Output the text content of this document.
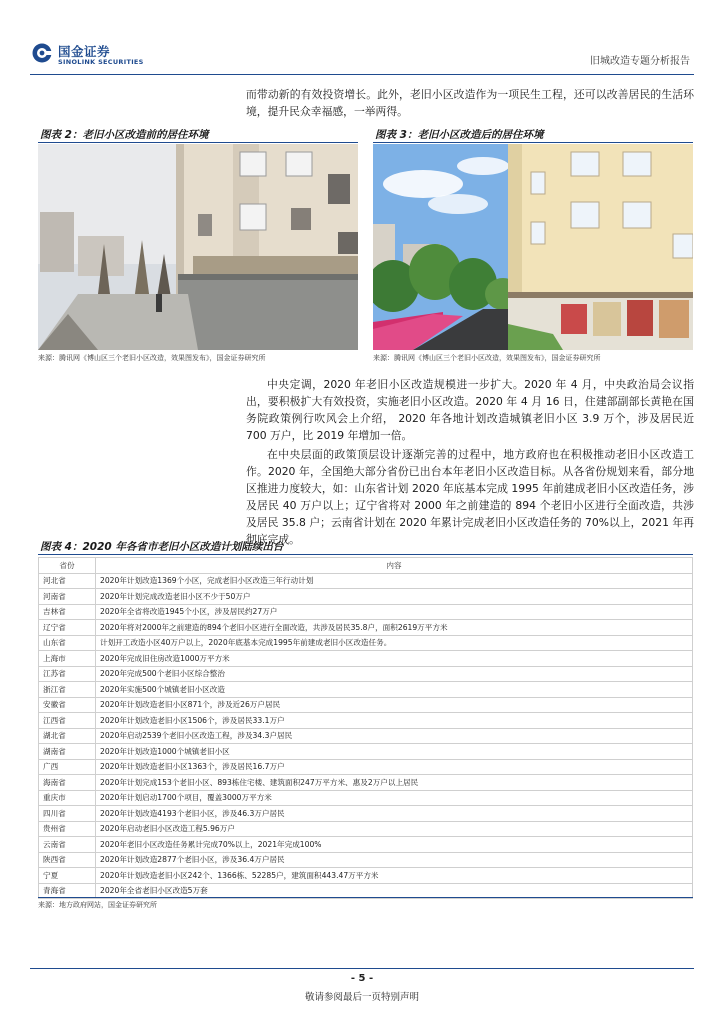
国金证券
SINOLINK SECURITIES	旧城改造专题分析报告
而带动新的有效投资增长。此外，老旧小区改造作为一项民生工程，还可以改善居民的生活环境，提升民众幸福感，一举两得。
图表 2：老旧小区改造前的居住环境
来源：腾讯网《博山区三个老旧小区改造，效果图发布》，国金证券研究所
图表 3：老旧小区改造后的居住环境
来源：腾讯网《博山区三个老旧小区改造，效果图发布》，国金证券研究所
中央定调，2020 年老旧小区改造规模进一步扩大。2020 年 4 月，中央政治局会议指出，要积极扩大有效投资，实施老旧小区改造。2020 年 4 月 16 日，住建部副部长黄艳在国务院政策例行吹风会上介绍， 2020 年各地计划改造城镇老旧小区 3.9 万个，涉及居民近 700 万户，比 2019 年增加一倍。
在中央层面的政策顶层设计逐渐完善的过程中，地方政府也在积极推动老旧小区改造工作。2020 年，全国绝大部分省份已出台本年老旧小区改造目标。从各省份规划来看，部分地区推进力度较大，如：山东省计划 2020 年底基本完成 1995 年前建成老旧小区改造任务，涉及居民 40 万户以上；辽宁省将对 2000 年之前建造的 894 个老旧小区进行全面改造，共涉及居民 35.8 户；云南省计划在 2020 年累计完成老旧小区改造任务的 70%以上，2021 年再彻底完成。
图表 4：2020 年各省市老旧小区改造计划陆续出台
省份	内容
河北省	2020年计划改造1369个小区，完成老旧小区改造三年行动计划
河南省	2020年计划完成改造老旧小区不少于50万户
吉林省	2020年全省将改造1945个小区，涉及居民约27万户
辽宁省	2020年将对2000年之前建造的894个老旧小区进行全面改造，共涉及居民35.8户，面积2619万平方米
山东省	计划开工改造小区40万户以上，2020年底基本完成1995年前建成老旧小区改造任务。
上海市	2020年完成旧住房改造1000万平方米
江苏省	2020年完成500个老旧小区综合整治
浙江省	2020年实施500个城镇老旧小区改造
安徽省	2020年计划改造老旧小区871个，涉及近26万户居民
江西省	2020年计划改造老旧小区1506个，涉及居民33.1万户
湖北省	2020年启动2539个老旧小区改造工程，涉及34.3户居民
湖南省	2020年计划改造1000个城镇老旧小区
广西	2020年计划改造老旧小区1363个，涉及居民16.7万户
海南省	2020年计划完成153个老旧小区、893栋住宅楼、建筑面积247万平方米、惠及2万户以上居民
重庆市	2020年计划启动1700个项目，覆盖3000万平方米
四川省	2020年计划改造4193个老旧小区，涉及46.3万户居民
贵州省	2020年启动老旧小区改造工程5.96万户
云南省	2020年老旧小区改造任务累计完成70%以上，2021年完成100%
陕西省	2020年计划改造2877个老旧小区，涉及36.4万户居民
宁夏	2020年计划改造老旧小区242个、1366栋、52285户，建筑面积443.47万平方米
青海省	2020年全省老旧小区改造5万套
来源：地方政府网站，国金证券研究所
- 5 -
敬请参阅最后一页特别声明
